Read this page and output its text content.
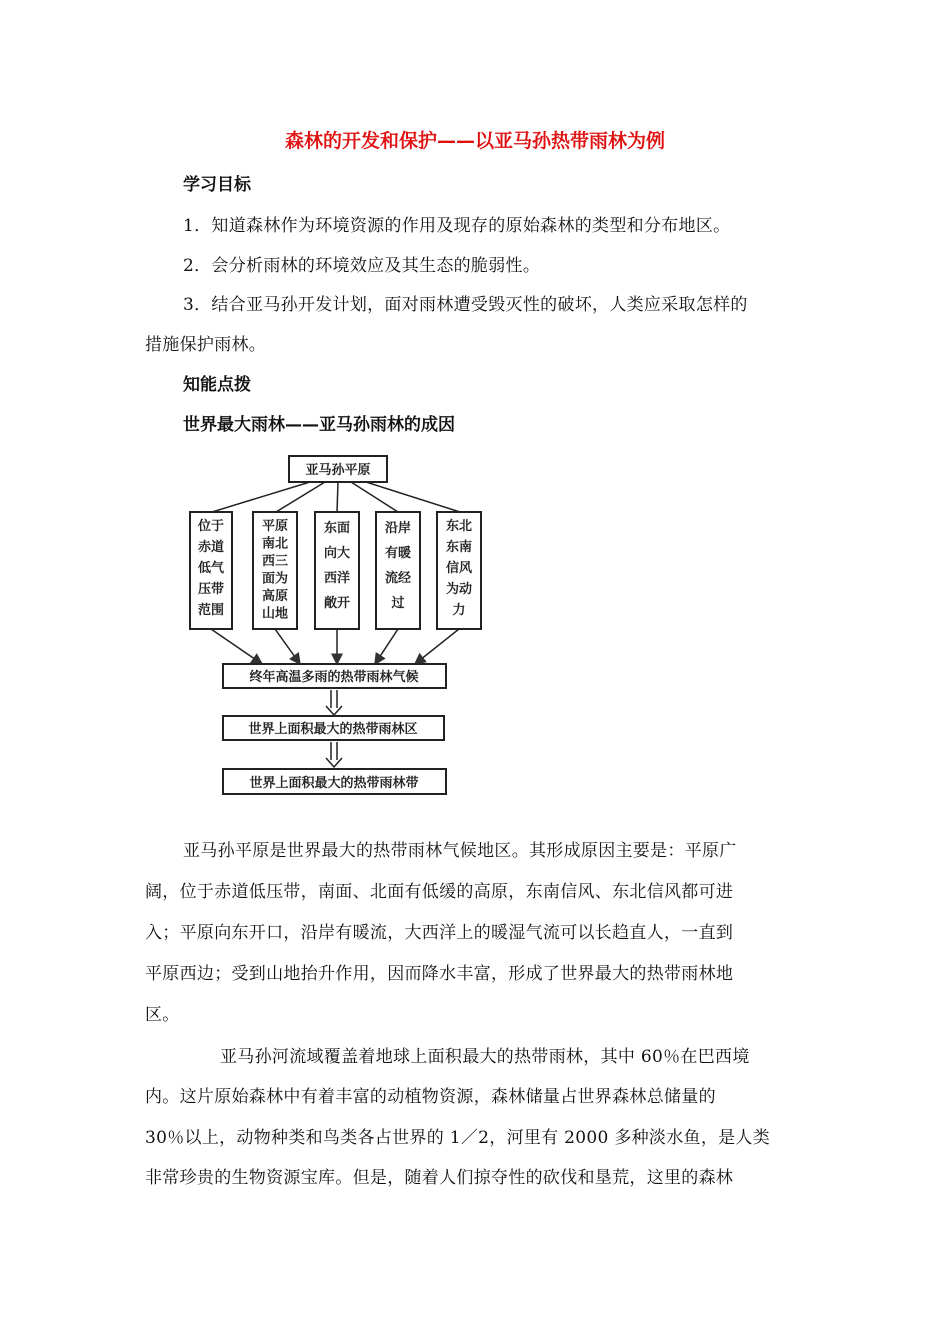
森林的开发和保护——以亚马孙热带雨林为例
学习目标
1．知道森林作为环境资源的作用及现存的原始森林的类型和分布地区。
2．会分析雨林的环境效应及其生态的脆弱性。
3．结合亚马孙开发计划，面对雨林遭受毁灭性的破坏，人类应采取怎样的
措施保护雨林。
知能点拨
世界最大雨林——亚马孙雨林的成因
亚马孙平原
位于
赤道
低气
压带
范围
平原
南北
西三
面为
高原
山地
东面
向大
西洋
敞开
沿岸
有暖
流经
过
东北
东南
信风
为动
力
终年高温多雨的热带雨林气候
世界上面积最大的热带雨林区
世界上面积最大的热带雨林带
亚马孙平原是世界最大的热带雨林气候地区。其形成原因主要是：平原广
阔，位于赤道低压带，南面、北面有低缓的高原，东南信风、东北信风都可进
入；平原向东开口，沿岸有暖流，大西洋上的暖湿气流可以长趋直人，一直到
平原西边；受到山地抬升作用，因而降水丰富，形成了世界最大的热带雨林地
区。
亚马孙河流域覆盖着地球上面积最大的热带雨林，其中 60％在巴西境
内。这片原始森林中有着丰富的动植物资源，森林储量占世界森林总储量的
30％以上，动物种类和鸟类各占世界的 1／2，河里有 2000 多种淡水鱼，是人类
非常珍贵的生物资源宝库。但是，随着人们掠夺性的砍伐和垦荒，这里的森林
